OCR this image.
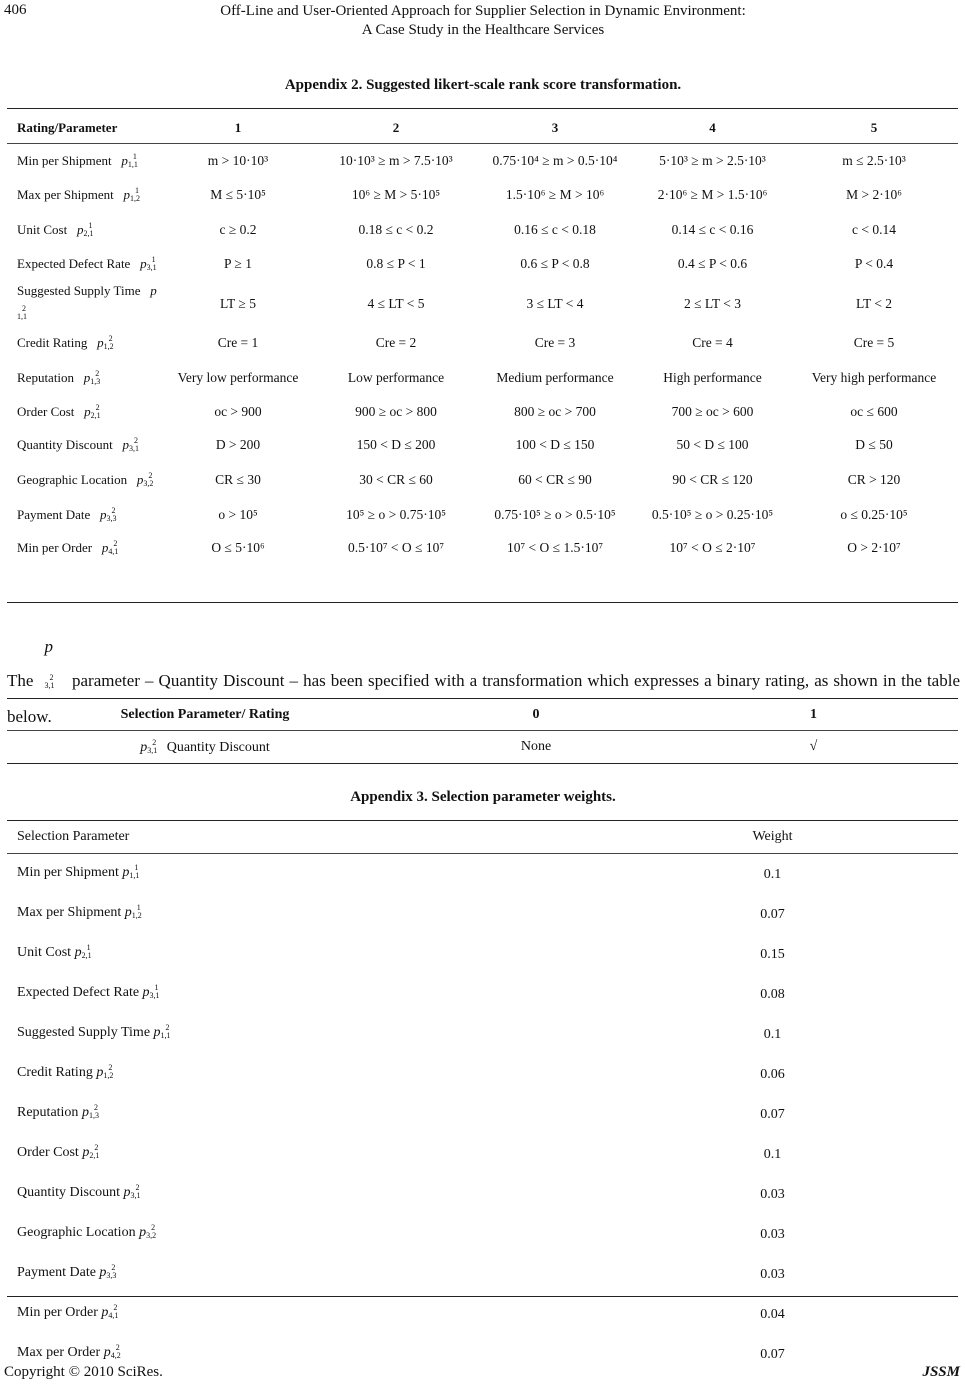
406	Off-Line and User-Oriented Approach for Supplier Selection in Dynamic Environment:
A Case Study in the Healthcare Services
Appendix 2. Suggested likert-scale rank score transformation.
Rating/Parameter	1	2	3	4	5
Min per Shipment p1,11	m > 10·10³	10·10³ ≥ m > 7.5·10³	0.75·10⁴ ≥ m > 0.5·10⁴	5·10³ ≥ m > 2.5·10³	m ≤ 2.5·10³
Max per Shipment p1,21	M ≤ 5·10⁵	10⁶ ≥ M > 5·10⁵	1.5·10⁶ ≥ M > 10⁶	2·10⁶ ≥ M > 1.5·10⁶	M > 2·10⁶
Unit Cost p2,11	c ≥ 0.2	0.18 ≤ c < 0.2	0.16 ≤ c < 0.18	0.14 ≤ c < 0.16	c < 0.14
Expected Defect Rate p3,11	P ≥ 1	0.8 ≤ P < 1	0.6 ≤ P < 0.8	0.4 ≤ P < 0.6	P < 0.4
Suggested Supply Time p1,12	LT ≥ 5	4 ≤ LT < 5	3 ≤ LT < 4	2 ≤ LT < 3	LT < 2
Credit Rating p1,22	Cre = 1	Cre = 2	Cre = 3	Cre = 4	Cre = 5
Reputation p1,32	Very low performance	Low performance	Medium performance	High performance	Very high performance
Order Cost p2,12	oc > 900	900 ≥ oc > 800	800 ≥ oc > 700	700 ≥ oc > 600	oc ≤ 600
Quantity Discount p3,12	D > 200	150 < D ≤ 200	100 < D ≤ 150	50 < D ≤ 100	D ≤ 50
Geographic Location p3,22	CR ≤ 30	30 < CR ≤ 60	60 < CR ≤ 90	90 < CR ≤ 120	CR > 120
Payment Date p3,32	o > 10⁵	10⁵ ≥ o > 0.75·10⁵	0.75·10⁵ ≥ o > 0.5·10⁵	0.5·10⁵ ≥ o > 0.25·10⁵	o ≤ 0.25·10⁵
Min per Order p4,12	O ≤ 5·10⁶	0.5·10⁷ < O ≤ 10⁷	10⁷ < O ≤ 1.5·10⁷	10⁷ < O ≤ 2·10⁷	O > 2·10⁷
The p3,12 parameter – Quantity Discount – has been specified with a transformation which expresses a binary rating, as shown in the table below.	Selection Parameter/ Rating	0	1
p3,12 Quantity Discount	None	√
Appendix 3. Selection parameter weights.
Selection Parameter	Weight
Min per Shipment p1,11	0.1
Max per Shipment p1,21	0.07
Unit Cost p2,11	0.15
Expected Defect Rate p3,11	0.08
Suggested Supply Time p1,12	0.1
Credit Rating p1,22	0.06
Reputation p1,32	0.07
Order Cost p2,12	0.1
Quantity Discount p3,12	0.03
Geographic Location p3,22	0.03
Payment Date p3,32	0.03
Min per Order p4,12	0.04
Max per Order p4,22	0.07
Copyright © 2010 SciRes.	JSSM
